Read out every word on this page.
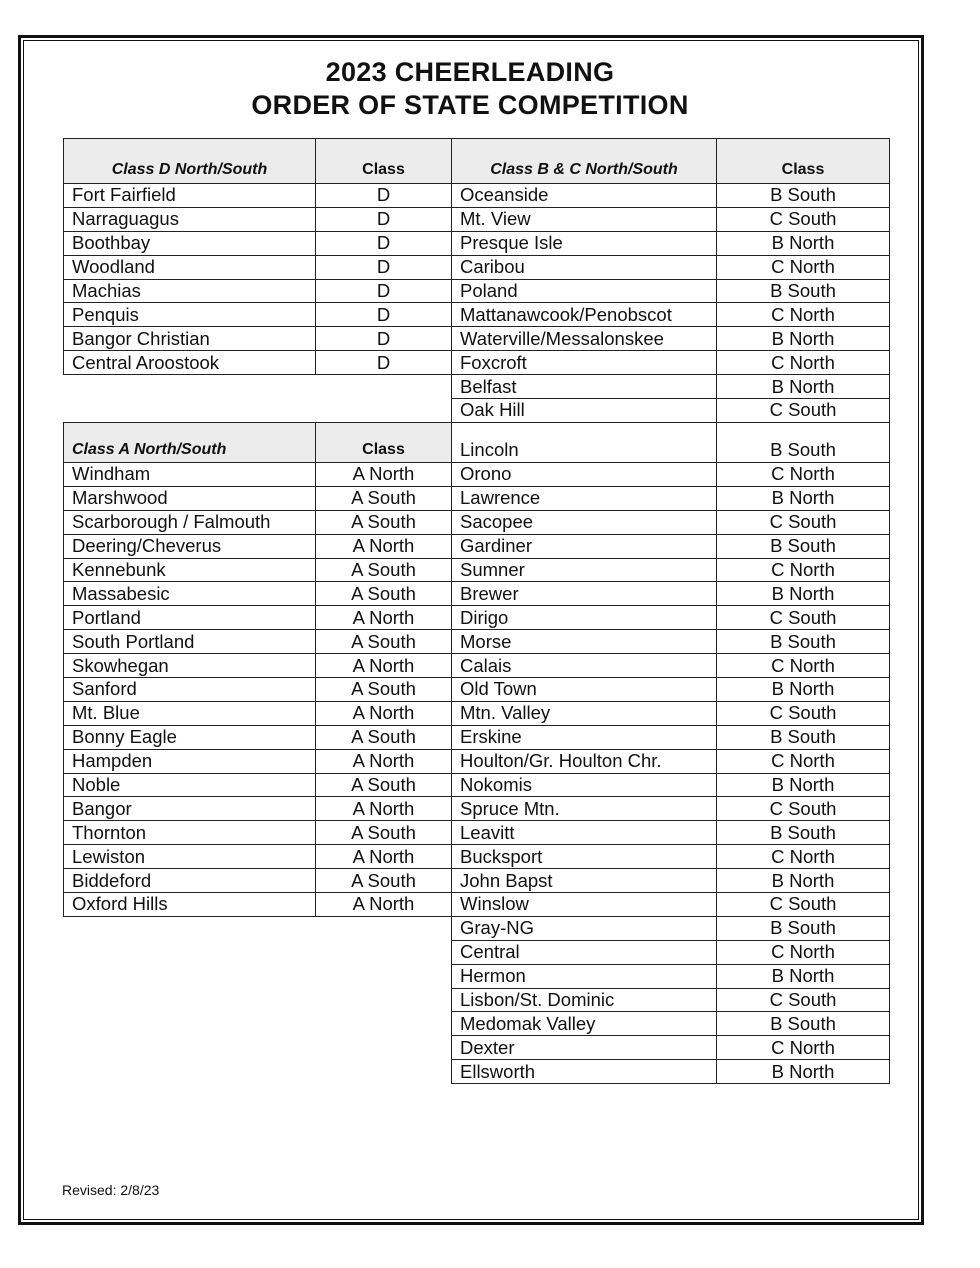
2023 CHEERLEADING
ORDER OF STATE COMPETITION
Class D North/South	Class
Fort Fairfield	D
Narraguagus	D
Boothbay	D
Woodland	D
Machias	D
Penquis	D
Bangor Christian	D
Central Aroostook	D
Class A North/South	Class
Windham	A North
Marshwood	A South
Scarborough / Falmouth	A South
Deering/Cheverus	A North
Kennebunk	A South
Massabesic	A South
Portland	A North
South Portland	A South
Skowhegan	A North
Sanford	A South
Mt. Blue	A North
Bonny Eagle	A South
Hampden	A North
Noble	A South
Bangor	A North
Thornton	A South
Lewiston	A North
Biddeford	A South
Oxford Hills	A North
Class B & C North/South	Class
Oceanside	B South
Mt. View	C South
Presque Isle	B North
Caribou	C North
Poland	B South
Mattanawcook/Penobscot	C North
Waterville/Messalonskee	B North
Foxcroft	C North
Belfast	B North
Oak Hill	C South
Lincoln	B South
Orono	C North
Lawrence	B North
Sacopee	C South
Gardiner	B South
Sumner	C North
Brewer	B North
Dirigo	C South
Morse	B South
Calais	C North
Old Town	B North
Mtn. Valley	C South
Erskine	B South
Houlton/Gr. Houlton Chr.	C North
Nokomis	B North
Spruce Mtn.	C South
Leavitt	B South
Bucksport	C North
John Bapst	B North
Winslow	C South
Gray-NG	B South
Central	C North
Hermon	B North
Lisbon/St. Dominic	C South
Medomak Valley	B South
Dexter	C North
Ellsworth	B North
Revised: 2/8/23
